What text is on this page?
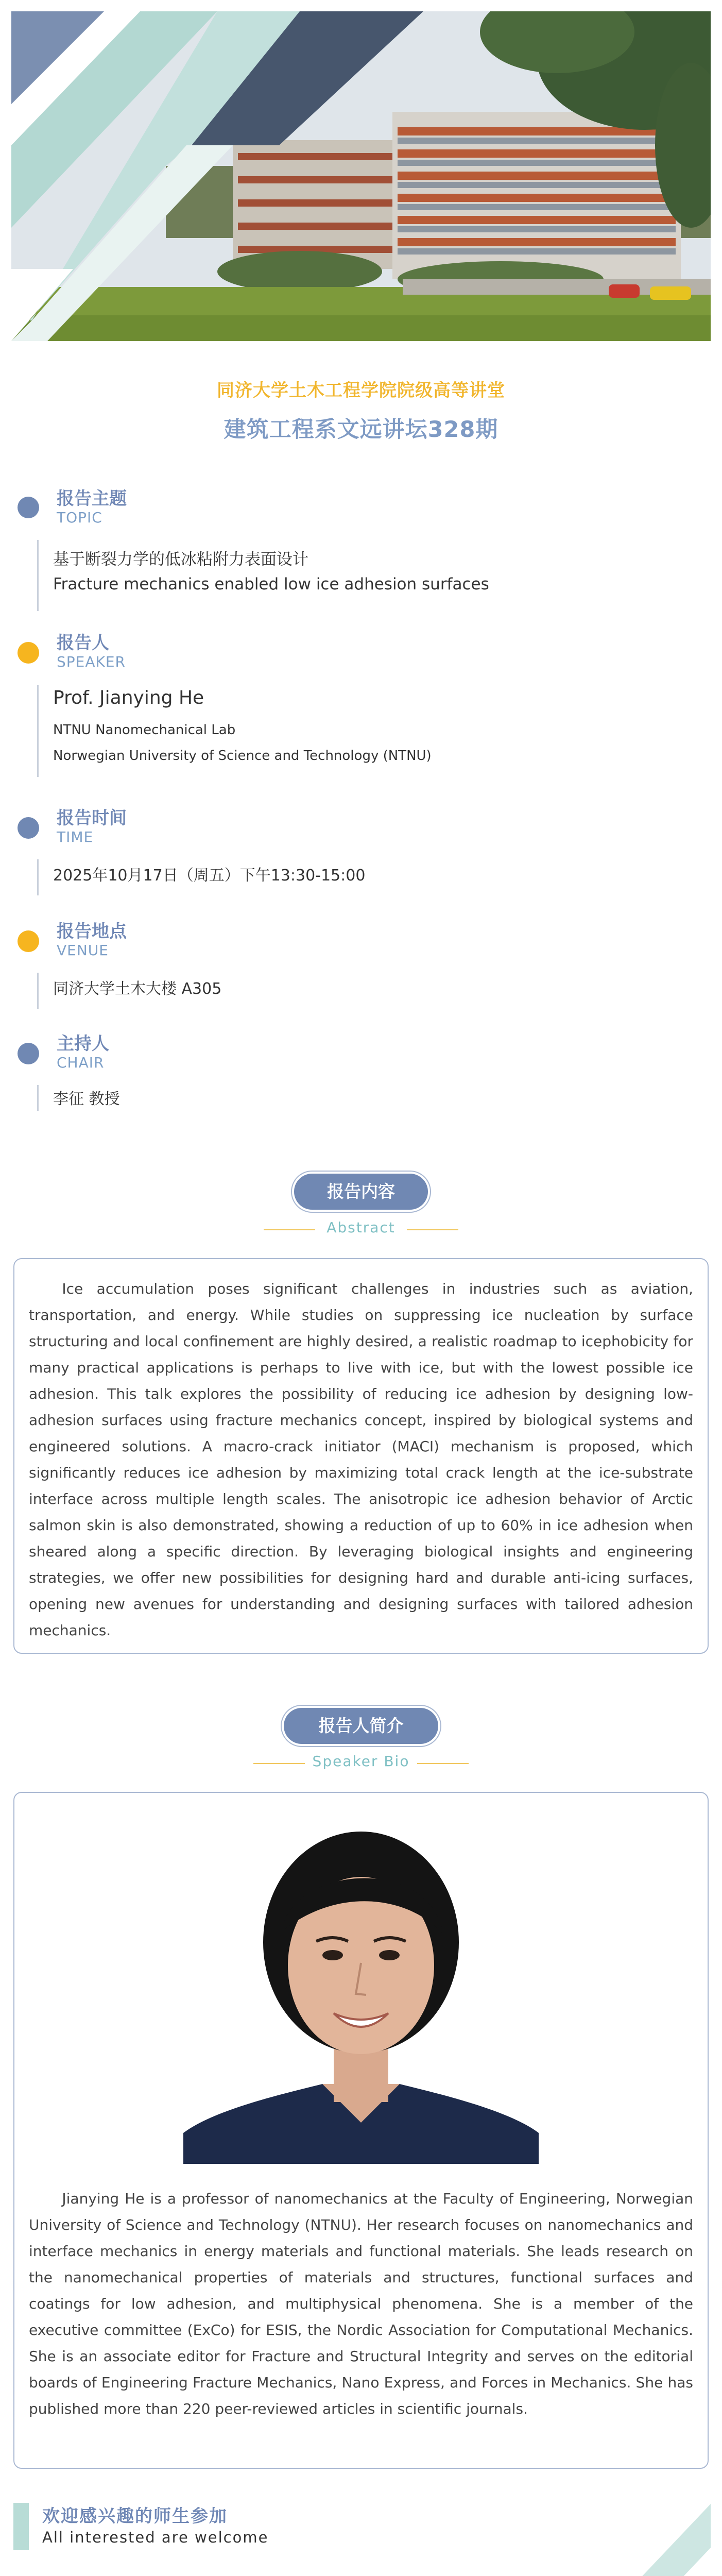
同济大学土木工程学院院级高等讲堂
建筑工程系文远讲坛328期
报告主题
TOPIC
基于断裂力学的低冰粘附力表面设计
Fracture mechanics enabled low ice adhesion surfaces
报告人
SPEAKER
Prof. Jianying He
NTNU Nanomechanical Lab
Norwegian University of Science and Technology (NTNU)
报告时间
TIME
2025年10月17日（周五）下午13:30-15:00
报告地点
VENUE
同济大学土木大楼 A305
主持人
CHAIR
李征 教授
报告内容
Abstract
Ice accumulation poses significant challenges in industries such as aviation, transportation, and energy. While studies on suppressing ice nucleation by surface structuring and local confinement are highly desired, a realistic roadmap to icephobicity for many practical applications is perhaps to live with ice, but with the lowest possible ice adhesion. This talk explores the possibility of reducing ice adhesion by designing low-adhesion surfaces using fracture mechanics concept, inspired by biological systems and engineered solutions. A macro-crack initiator (MACI) mechanism is proposed, which significantly reduces ice adhesion by maximizing total crack length at the ice-substrate interface across multiple length scales. The anisotropic ice adhesion behavior of Arctic salmon skin is also demonstrated, showing a reduction of up to 60% in ice adhesion when sheared along a specific direction. By leveraging biological insights and engineering strategies, we offer new possibilities for designing hard and durable anti-icing surfaces, opening new avenues for understanding and designing surfaces with tailored adhesion mechanics.
报告人简介
Speaker Bio
Jianying He is a professor of nanomechanics at the Faculty of Engineering, Norwegian University of Science and Technology (NTNU). Her research focuses on nanomechanics and interface mechanics in energy materials and functional materials. She leads research on the nanomechanical properties of materials and structures, functional surfaces and coatings for low adhesion, and multiphysical phenomena. She is a member of the executive committee (ExCo) for ESIS, the Nordic Association for Computational Mechanics. She is an associate editor for Fracture and Structural Integrity and serves on the editorial boards of Engineering Fracture Mechanics, Nano Express, and Forces in Mechanics. She has published more than 220 peer-reviewed articles in scientific journals.
欢迎感兴趣的师生参加
All interested are welcome
